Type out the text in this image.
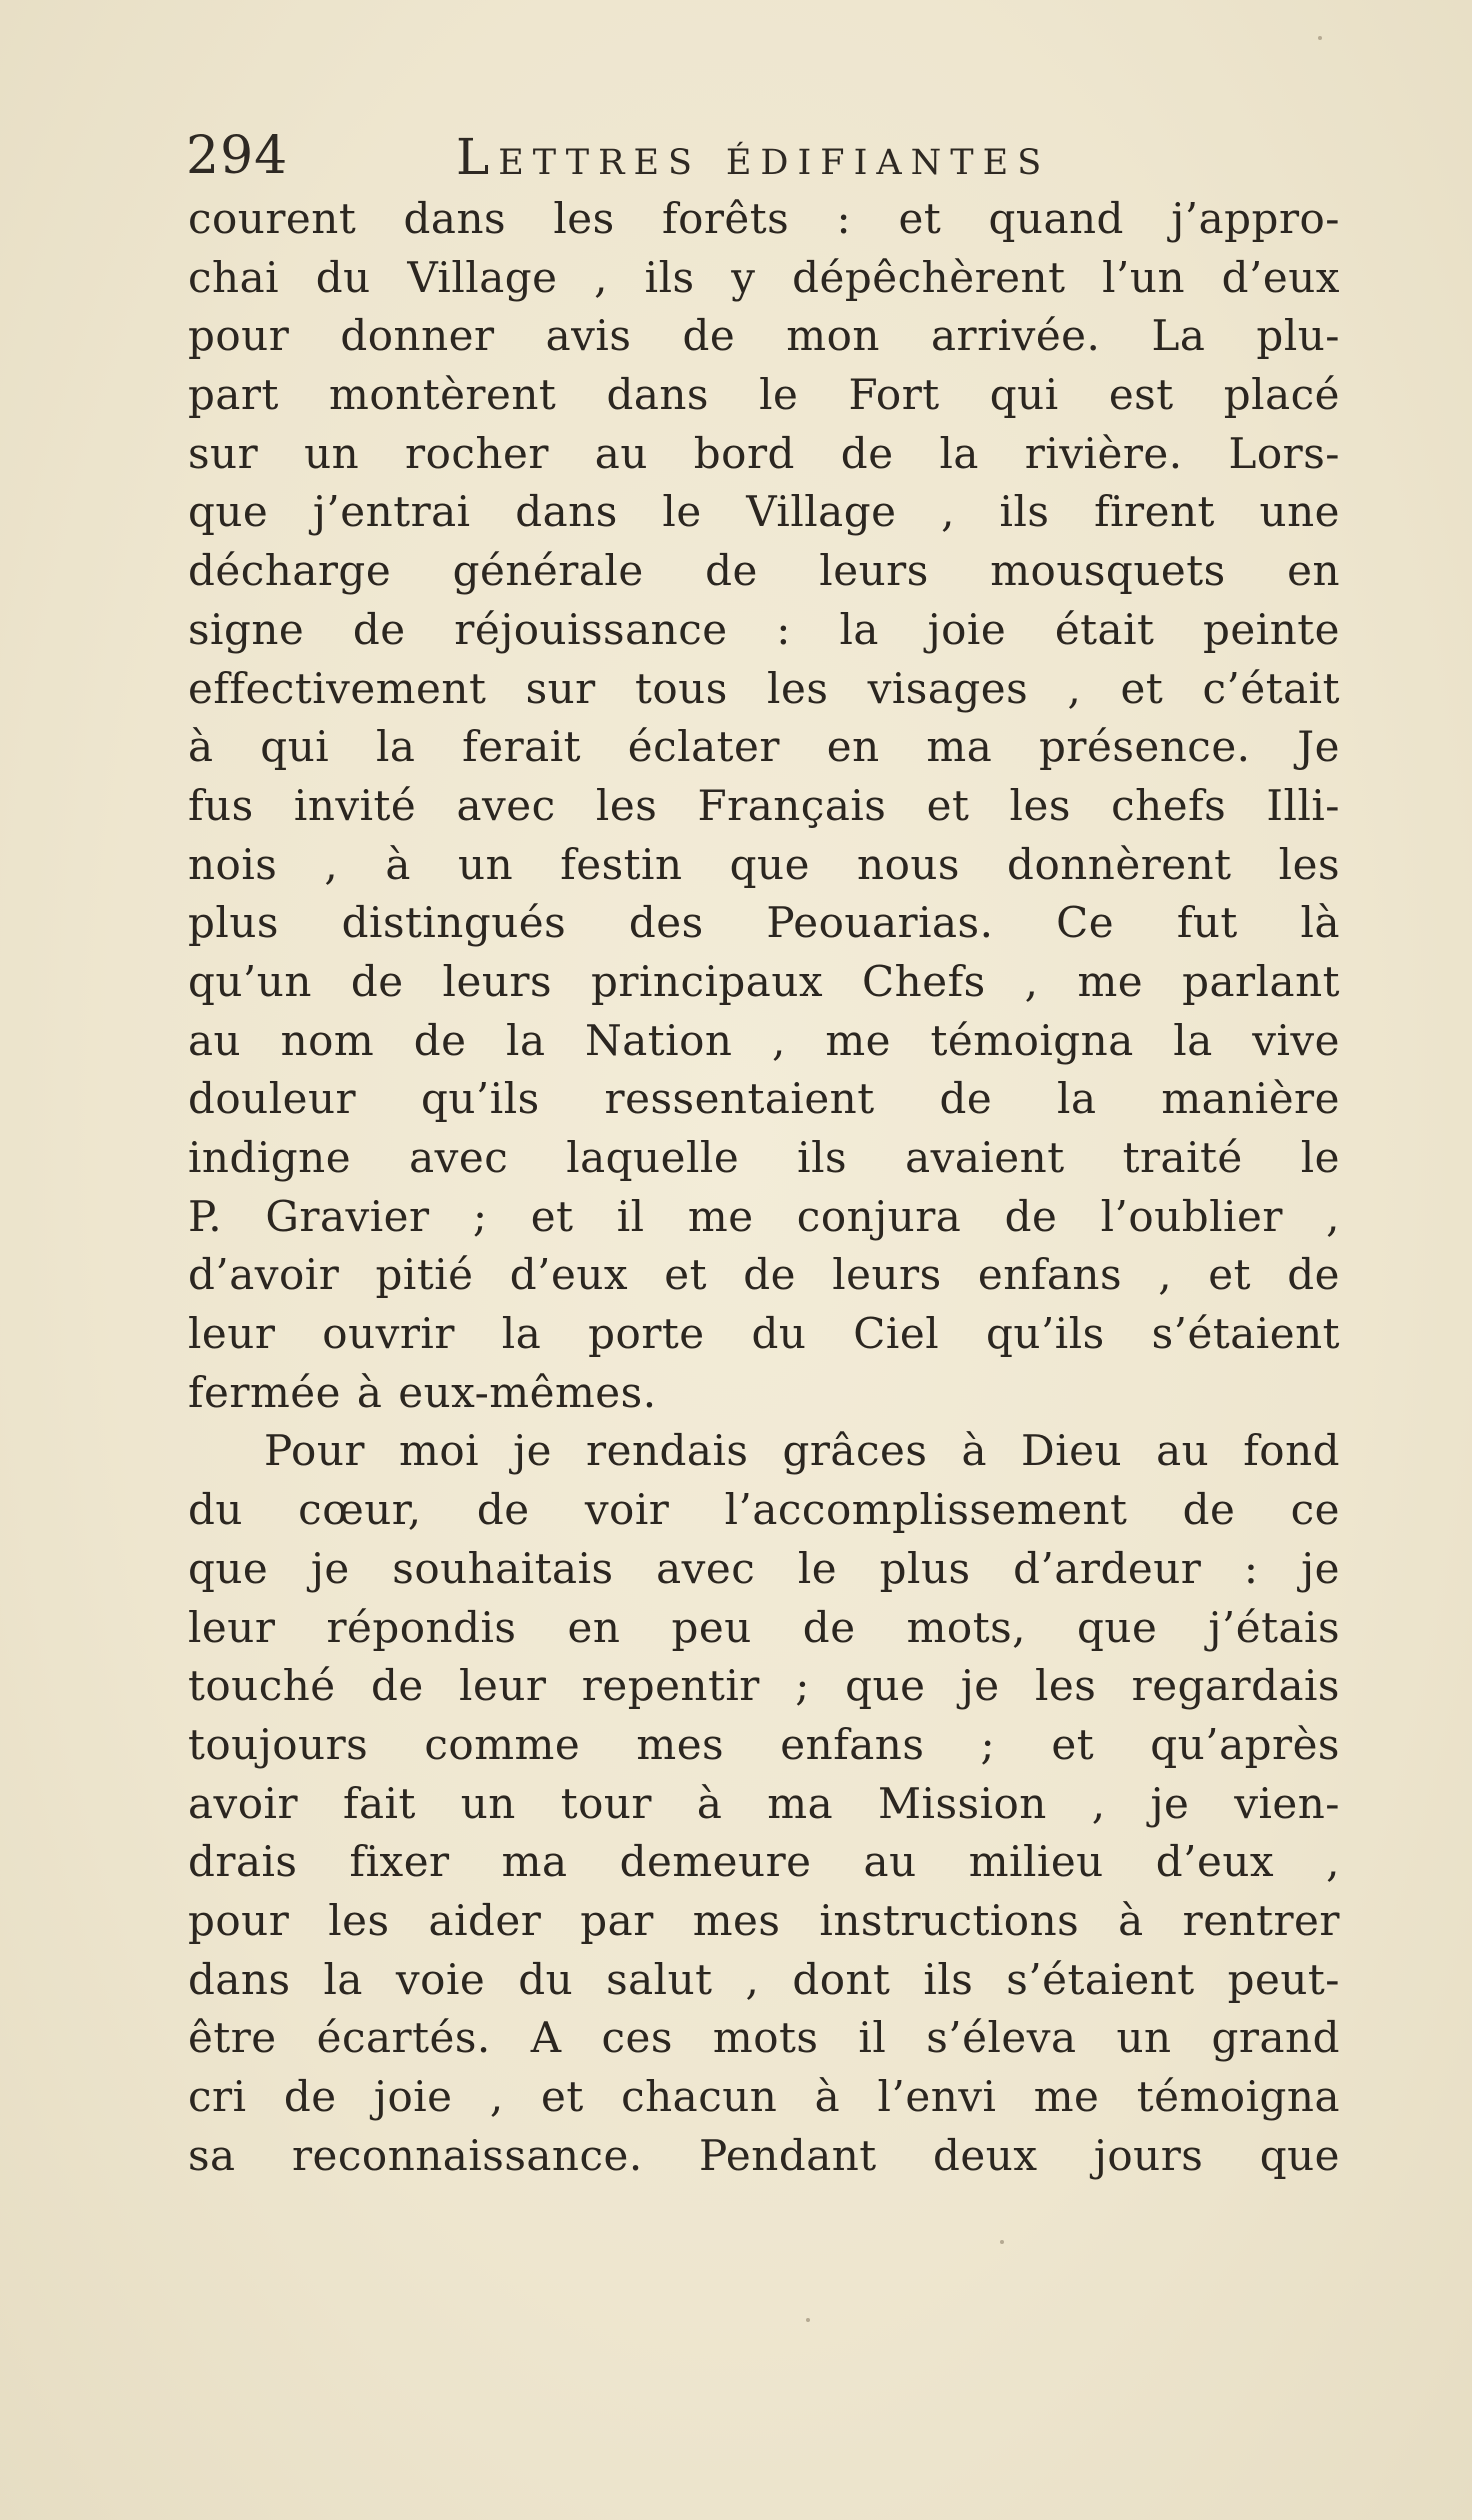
294	Lettres édifiantes
courent dans les forêts : et quand j’appro-
chai du Village , ils y dépêchèrent l’un d’eux
pour donner avis de mon arrivée. La plu-
part montèrent dans le Fort qui est placé
sur un rocher au bord de la rivière. Lors-
que j’entrai dans le Village , ils firent une
décharge générale de leurs mousquets en
signe de réjouissance : la joie était peinte
effectivement sur tous les visages , et c’était
à qui la ferait éclater en ma présence. Je
fus invité avec les Français et les chefs Illi-
nois , à un festin que nous donnèrent les
plus distingués des Peouarias. Ce fut là
qu’un de leurs principaux Chefs , me parlant
au nom de la Nation , me témoigna la vive
douleur qu’ils ressentaient de la manière
indigne avec laquelle ils avaient traité le
P. Gravier ; et il me conjura de l’oublier ,
d’avoir pitié d’eux et de leurs enfans , et de
leur ouvrir la porte du Ciel qu’ils s’étaient
fermée à eux-mêmes.
Pour moi je rendais grâces à Dieu au fond
du cœur, de voir l’accomplissement de ce
que je souhaitais avec le plus d’ardeur : je
leur répondis en peu de mots, que j’étais
touché de leur repentir ; que je les regardais
toujours comme mes enfans ; et qu’après
avoir fait un tour à ma Mission , je vien-
drais fixer ma demeure au milieu d’eux ,
pour les aider par mes instructions à rentrer
dans la voie du salut , dont ils s’étaient peut-
être écartés. A ces mots il s’éleva un grand
cri de joie , et chacun à l’envi me témoigna
sa reconnaissance. Pendant deux jours que
